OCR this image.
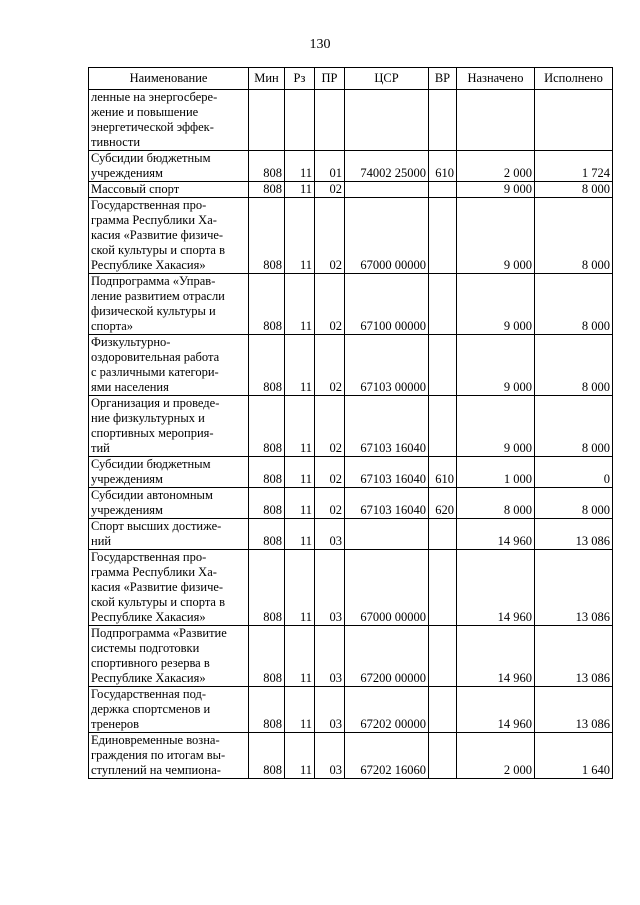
130
Наименование	Мин	Рз	ПР	ЦСР	ВР	Назначено	Исполнено
ленные на энергосбере-
жение и повышение
энергетической эффек-
тивности							
Субсидии бюджетным
учреждениям	808	11	01	74002 25000	610	2 000	1 724
Массовый спорт	808	11	02			9 000	8 000
Государственная про-
грамма Республики Ха-
касия «Развитие физиче-
ской культуры и спорта в
Республике Хакасия»	808	11	02	67000 00000		9 000	8 000
Подпрограмма «Управ-
ление развитием отрасли
физической культуры и
спорта»	808	11	02	67100 00000		9 000	8 000
Физкультурно-
оздоровительная работа
с различными категори-
ями населения	808	11	02	67103 00000		9 000	8 000
Организация и проведе-
ние физкультурных и
спортивных мероприя-
тий	808	11	02	67103 16040		9 000	8 000
Субсидии бюджетным
учреждениям	808	11	02	67103 16040	610	1 000	0
Субсидии автономным
учреждениям	808	11	02	67103 16040	620	8 000	8 000
Спорт высших достиже-
ний	808	11	03			14 960	13 086
Государственная про-
грамма Республики Ха-
касия «Развитие физиче-
ской культуры и спорта в
Республике Хакасия»	808	11	03	67000 00000		14 960	13 086
Подпрограмма «Развитие
системы подготовки
спортивного резерва в
Республике Хакасия»	808	11	03	67200 00000		14 960	13 086
Государственная под-
держка спортсменов и
тренеров	808	11	03	67202 00000		14 960	13 086
Единовременные возна-
граждения по итогам вы-
ступлений на чемпиона-	808	11	03	67202 16060		2 000	1 640
